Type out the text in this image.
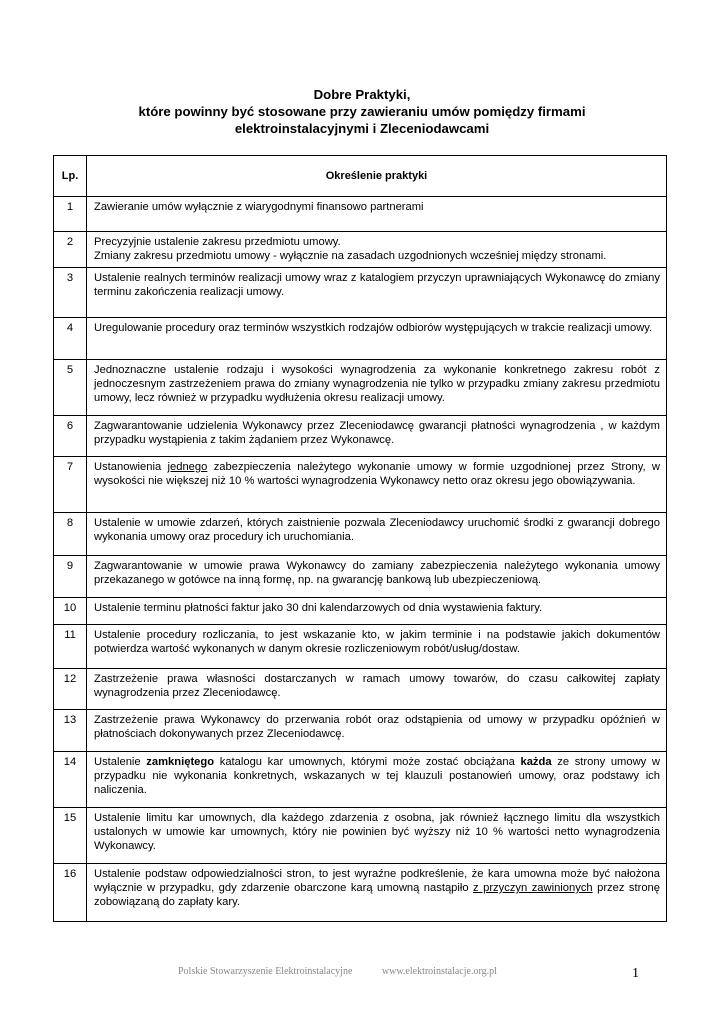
Dobre Praktyki,
które powinny być stosowane przy zawieraniu umów pomiędzy firmami
elektroinstalacyjnymi i Zleceniodawcami
Lp.	Określenie praktyki
1	Zawieranie umów wyłącznie z wiarygodnymi finansowo partnerami
2	Precyzyjnie ustalenie zakresu przedmiotu umowy.
Zmiany zakresu przedmiotu umowy - wyłącznie na zasadach uzgodnionych wcześniej między stronami.

3	Ustalenie realnych terminów realizacji umowy wraz z katalogiem przyczyn uprawniających Wykonawcę do zmiany terminu zakończenia realizacji umowy.
4	Uregulowanie procedury oraz terminów wszystkich rodzajów odbiorów występujących w trakcie realizacji umowy.
5	Jednoznaczne ustalenie rodzaju i wysokości wynagrodzenia za wykonanie konkretnego zakresu robót z jednoczesnym zastrzeżeniem prawa do zmiany wynagrodzenia nie tylko w przypadku zmiany zakresu przedmiotu umowy, lecz również w przypadku wydłużenia okresu realizacji umowy.
6	Zagwarantowanie udzielenia Wykonawcy przez Zleceniodawcę gwarancji płatności wynagrodzenia , w każdym przypadku wystąpienia z takim żądaniem przez Wykonawcę.
7	Ustanowienia jednego zabezpieczenia należytego wykonanie umowy w formie uzgodnionej przez Strony, w wysokości nie większej niż 10 % wartości wynagrodzenia Wykonawcy netto oraz okresu jego obowiązywania.
8	Ustalenie w umowie zdarzeń, których zaistnienie pozwala Zleceniodawcy uruchomić środki z gwarancji dobrego wykonania umowy oraz procedury ich uruchomiania.
9	Zagwarantowanie w umowie prawa Wykonawcy do zamiany zabezpieczenia należytego wykonania umowy przekazanego w gotówce na inną formę, np. na gwarancję bankową lub ubezpieczeniową.
10	Ustalenie terminu płatności faktur jako 30 dni kalendarzowych od dnia wystawienia faktury.
11	Ustalenie procedury rozliczania, to jest wskazanie kto, w jakim terminie i na podstawie jakich dokumentów potwierdza wartość wykonanych w danym okresie rozliczeniowym robót/usług/dostaw.
12	Zastrzeżenie prawa własności dostarczanych w ramach umowy towarów, do czasu całkowitej zapłaty wynagrodzenia przez Zleceniodawcę.
13	Zastrzeżenie prawa Wykonawcy do przerwania robót oraz odstąpienia od umowy w przypadku opóźnień w płatnościach dokonywanych przez Zleceniodawcę.
14	Ustalenie zamkniętego katalogu kar umownych, którymi może zostać obciążana każda ze strony umowy w przypadku nie wykonania konkretnych, wskazanych w tej klauzuli postanowień umowy, oraz podstawy ich naliczenia.
15	Ustalenie limitu kar umownych, dla każdego zdarzenia z osobna, jak również łącznego limitu dla wszystkich ustalonych w umowie kar umownych, który nie powinien być wyższy niż 10 % wartości netto wynagrodzenia Wykonawcy.
16	Ustalenie podstaw odpowiedzialności stron, to jest wyraźne podkreślenie, że kara umowna może być nałożona wyłącznie w przypadku, gdy zdarzenie obarczone karą umowną nastąpiło z przyczyn zawinionych przez stronę zobowiązaną do zapłaty kary.
Polskie Stowarzyszenie Elektroinstalacyjne	www.elektroinstalacje.org.pl	1
